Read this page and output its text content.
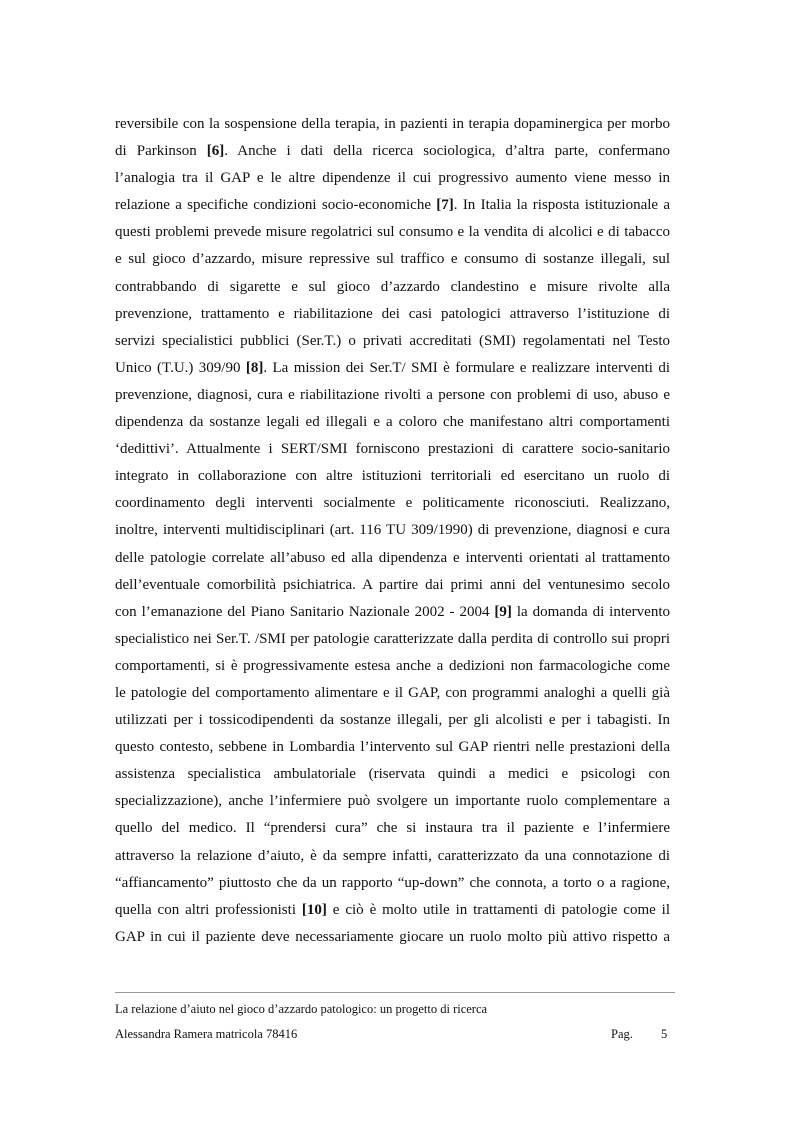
reversibile con la sospensione della terapia, in pazienti in terapia dopaminergica per morbo
di Parkinson [6]. Anche i dati della ricerca sociologica, d’altra parte, confermano
l’analogia tra il GAP e le altre dipendenze il cui progressivo aumento viene messo in
relazione a specifiche condizioni socio-economiche [7]. In Italia la risposta istituzionale a
questi problemi prevede misure regolatrici sul consumo e la vendita di alcolici e di tabacco
e sul gioco d’azzardo, misure repressive sul traffico e consumo di sostanze illegali, sul
contrabbando di sigarette e sul gioco d’azzardo clandestino e misure rivolte alla
prevenzione, trattamento e riabilitazione dei casi patologici attraverso l’istituzione di
servizi specialistici pubblici (Ser.T.) o privati accreditati (SMI) regolamentati nel Testo
Unico (T.U.) 309/90 [8]. La mission dei Ser.T/ SMI è formulare e realizzare interventi di
prevenzione, diagnosi, cura e riabilitazione rivolti a persone con problemi di uso, abuso e
dipendenza da sostanze legali ed illegali e a coloro che manifestano altri comportamenti
‘dedittivi’. Attualmente i SERT/SMI forniscono prestazioni di carattere socio-sanitario
integrato in collaborazione con altre istituzioni territoriali ed esercitano un ruolo di
coordinamento degli interventi socialmente e politicamente riconosciuti. Realizzano,
inoltre, interventi multidisciplinari (art. 116 TU 309/1990) di prevenzione, diagnosi e cura
delle patologie correlate all’abuso ed alla dipendenza e interventi orientati al trattamento
dell’eventuale comorbilità psichiatrica. A partire dai primi anni del ventunesimo secolo
con l’emanazione del Piano Sanitario Nazionale 2002 - 2004 [9] la domanda di intervento
specialistico nei Ser.T. /SMI per patologie caratterizzate dalla perdita di controllo sui propri
comportamenti, si è progressivamente estesa anche a dedizioni non farmacologiche come
le patologie del comportamento alimentare e il GAP, con programmi analoghi a quelli già
utilizzati per i tossicodipendenti da sostanze illegali, per gli alcolisti e per i tabagisti. In
questo contesto, sebbene in Lombardia l’intervento sul GAP rientri nelle prestazioni della
assistenza specialistica ambulatoriale (riservata quindi a medici e psicologi con
specializzazione), anche l’infermiere può svolgere un importante ruolo complementare a
quello del medico. Il “prendersi cura” che si instaura tra il paziente e l’infermiere
attraverso la relazione d’aiuto, è da sempre infatti, caratterizzato da una connotazione di
“affiancamento” piuttosto che da un rapporto “up-down” che connota, a torto o a ragione,
quella con altri professionisti [10] e ciò è molto utile in trattamenti di patologie come il
GAP in cui il paziente deve necessariamente giocare un ruolo molto più attivo rispetto a
La relazione d’aiuto nel gioco d’azzardo patologico: un progetto di ricerca
Alessandra Ramera matricola 78416	Pag. 5
